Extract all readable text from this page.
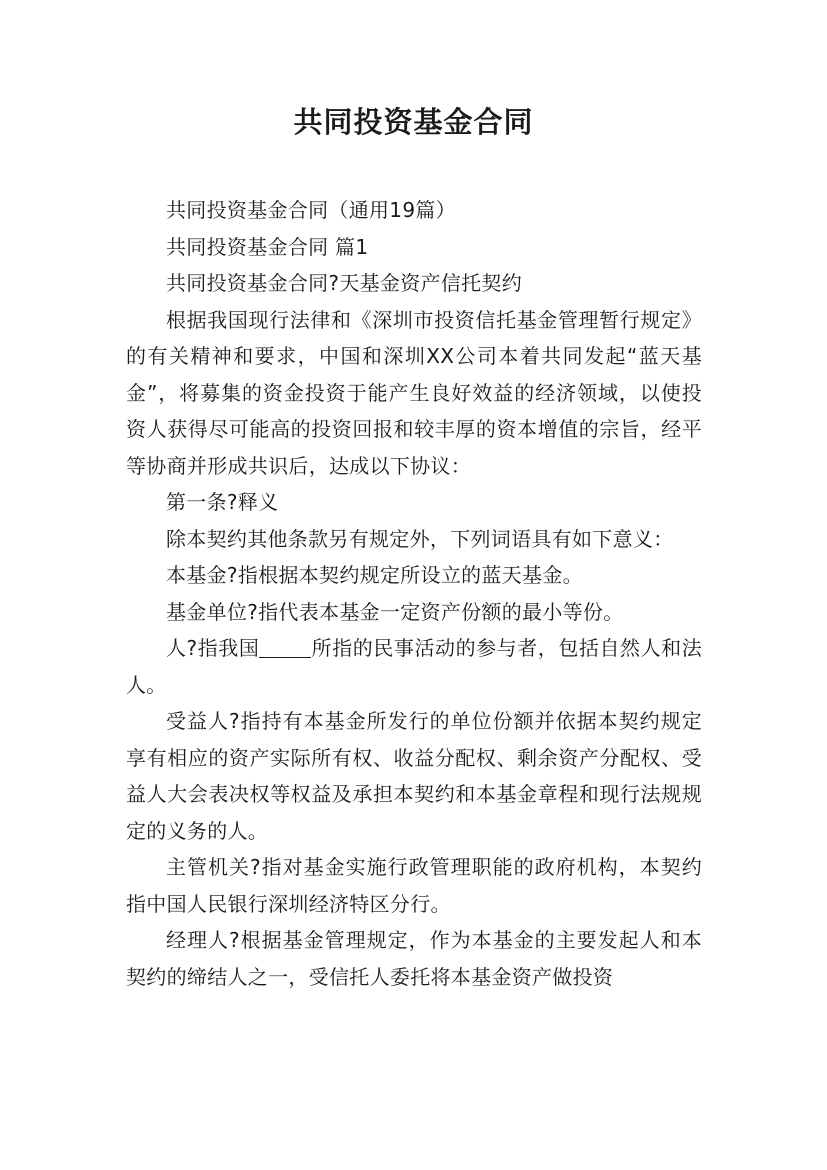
共同投资基金合同

共同投资基金合同（通用19篇）

共同投资基金合同 篇1

共同投资基金合同?天基金资产信托契约

根据我国现行法律和《深圳市投资信托基金管理暂行规定》的有关精神和要求，中国和深圳XX公司本着共同发起“蓝天基金”，将募集的资金投资于能产生良好效益的经济领域，以使投资人获得尽可能高的投资回报和较丰厚的资本增值的宗旨，经平等协商并形成共识后，达成以下协议：

第一条?释义

除本契约其他条款另有规定外，下列词语具有如下意义：

本基金?指根据本契约规定所设立的蓝天基金。

基金单位?指代表本基金一定资产份额的最小等份。

人?指我国	所指的民事活动的参与者，包括自然人和法人。

受益人?指持有本基金所发行的单位份额并依据本契约规定享有相应的资产实际所有权、收益分配权、剩余资产分配权、受益人大会表决权等权益及承担本契约和本基金章程和现行法规规定的义务的人。

主管机关?指对基金实施行政管理职能的政府机构，本契约指中国人民银行深圳经济特区分行。

经理人?根据基金管理规定，作为本基金的主要发起人和本契约的缔结人之一，受信托人委托将本基金资产做投资
